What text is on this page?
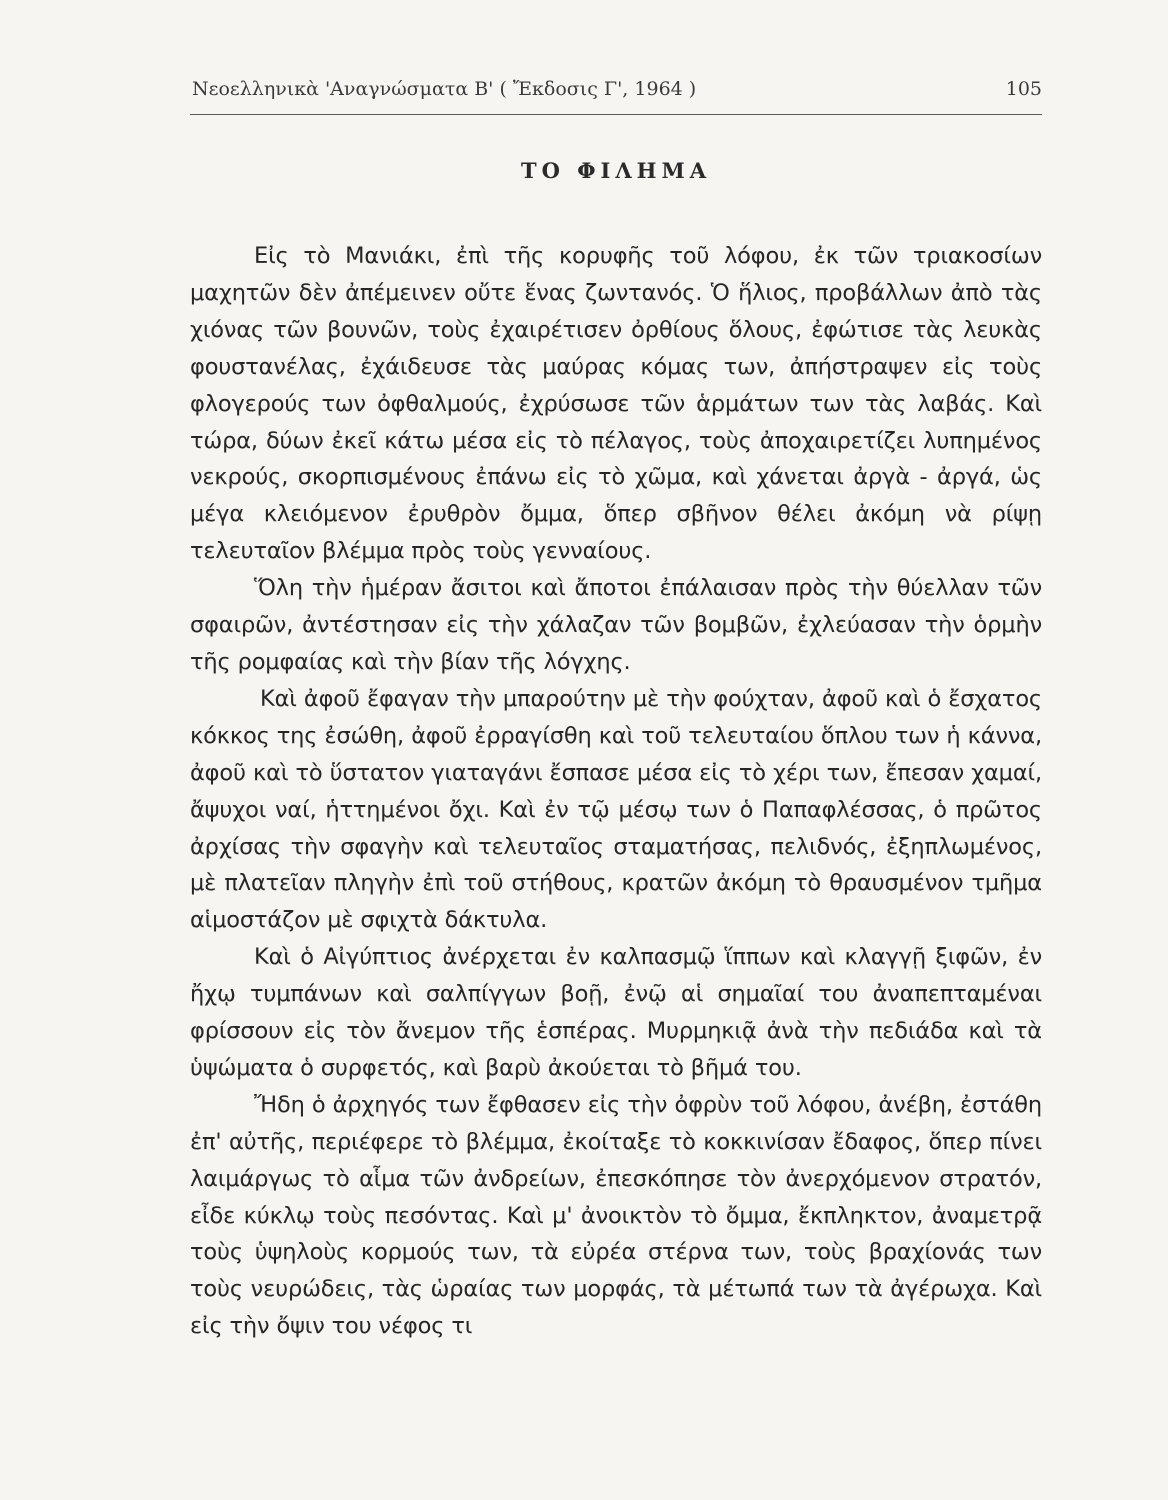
Νεοελληνικὰ 'Αναγνώσματα Β' ( Ἔκδοσις Γ', 1964 )	105
ΤΟ ΦΙΛΗΜΑ

Εἰς τὸ Μανιάκι, ἐπὶ τῆς κορυφῆς τοῦ λόφου, ἐκ τῶν τριακοσίων μαχητῶν δὲν ἀπέμεινεν οὔτε ἕνας ζωντανός. Ὁ ἥλιος, προβάλλων ἀπὸ τὰς χιόνας τῶν βουνῶν, τοὺς ἐχαιρέτισεν ὀρθίους ὅλους, ἐφώτισε τὰς λευκὰς φουστανέλας, ἐχάιδευσε τὰς μαύρας κόμας των, ἀπήστραψεν εἰς τοὺς φλογερούς των ὀφθαλμούς, ἐχρύσωσε τῶν ἁρμάτων των τὰς λαβάς. Καὶ τώρα, δύων ἐκεῖ κάτω μέσα εἰς τὸ πέλαγος, τοὺς ἀποχαιρετίζει λυπημένος νεκρούς, σκορπισμένους ἐπάνω εἰς τὸ χῶμα, καὶ χάνεται ἀργὰ - ἀργά, ὡς μέγα κλειόμενον ἐρυθρὸν ὄμμα, ὅπερ σβῆνον θέλει ἀκόμη νὰ ρίψῃ τελευταῖον βλέμμα πρὸς τοὺς γενναίους.

Ὅλη τὴν ἡμέραν ἄσιτοι καὶ ἄποτοι ἐπάλαισαν πρὸς τὴν θύελλαν τῶν σφαιρῶν, ἀντέστησαν εἰς τὴν χάλαζαν τῶν βομβῶν, ἐχλεύασαν τὴν ὁρμὴν τῆς ρομφαίας καὶ τὴν βίαν τῆς λόγχης.

Καὶ ἀφοῦ ἔφαγαν τὴν μπαρούτην μὲ τὴν φούχταν, ἀφοῦ καὶ ὁ ἔσχατος κόκκος της ἐσώθη, ἀφοῦ ἐρραγίσθη καὶ τοῦ τελευταίου ὅπλου των ἡ κάννα, ἀφοῦ καὶ τὸ ὕστατον γιαταγάνι ἔσπασε μέσα εἰς τὸ χέρι των, ἔπεσαν χαμαί, ἄψυχοι ναί, ἡττημένοι ὄχι. Καὶ ἐν τῷ μέσῳ των ὁ Παπαφλέσσας, ὁ πρῶτος ἀρχίσας τὴν σφαγὴν καὶ τελευταῖος σταματήσας, πελιδνός, ἐξηπλωμένος, μὲ πλατεῖαν πληγὴν ἐπὶ τοῦ στήθους, κρατῶν ἀκόμη τὸ θραυσμένον τμῆμα αἱμοστάζον μὲ σφιχτὰ δάκτυλα.

Καὶ ὁ Αἰγύπτιος ἀνέρχεται ἐν καλπασμῷ ἵππων καὶ κλαγγῇ ξιφῶν, ἐν ἤχῳ τυμπάνων καὶ σαλπίγγων βοῇ, ἐνῷ αἱ σημαῖαί του ἀναπεπταμέναι φρίσσουν εἰς τὸν ἄνεμον τῆς ἑσπέρας. Μυρμηκιᾷ ἀνὰ τὴν πεδιάδα καὶ τὰ ὑψώματα ὁ συρφετός, καὶ βαρὺ ἀκούεται τὸ βῆμά του.

Ἤδη ὁ ἀρχηγός των ἔφθασεν εἰς τὴν ὀφρὺν τοῦ λόφου, ἀνέβη, ἐστάθη ἐπ' αὐτῆς, περιέφερε τὸ βλέμμα, ἐκοίταξε τὸ κοκκινίσαν ἔδαφος, ὅπερ πίνει λαιμάργως τὸ αἷμα τῶν ἀνδρείων, ἐπεσκόπησε τὸν ἀνερχόμενον στρατόν, εἶδε κύκλῳ τοὺς πεσόντας. Καὶ μ' ἀνοικτὸν τὸ ὄμμα, ἔκπληκτον, ἀναμετρᾷ τοὺς ὑψηλοὺς κορμούς των, τὰ εὐρέα στέρνα των, τοὺς βραχίονάς των τοὺς νευρώδεις, τὰς ὡραίας των μορφάς, τὰ μέτωπά των τὰ ἀγέρωχα. Καὶ εἰς τὴν ὄψιν του νέφος τι
